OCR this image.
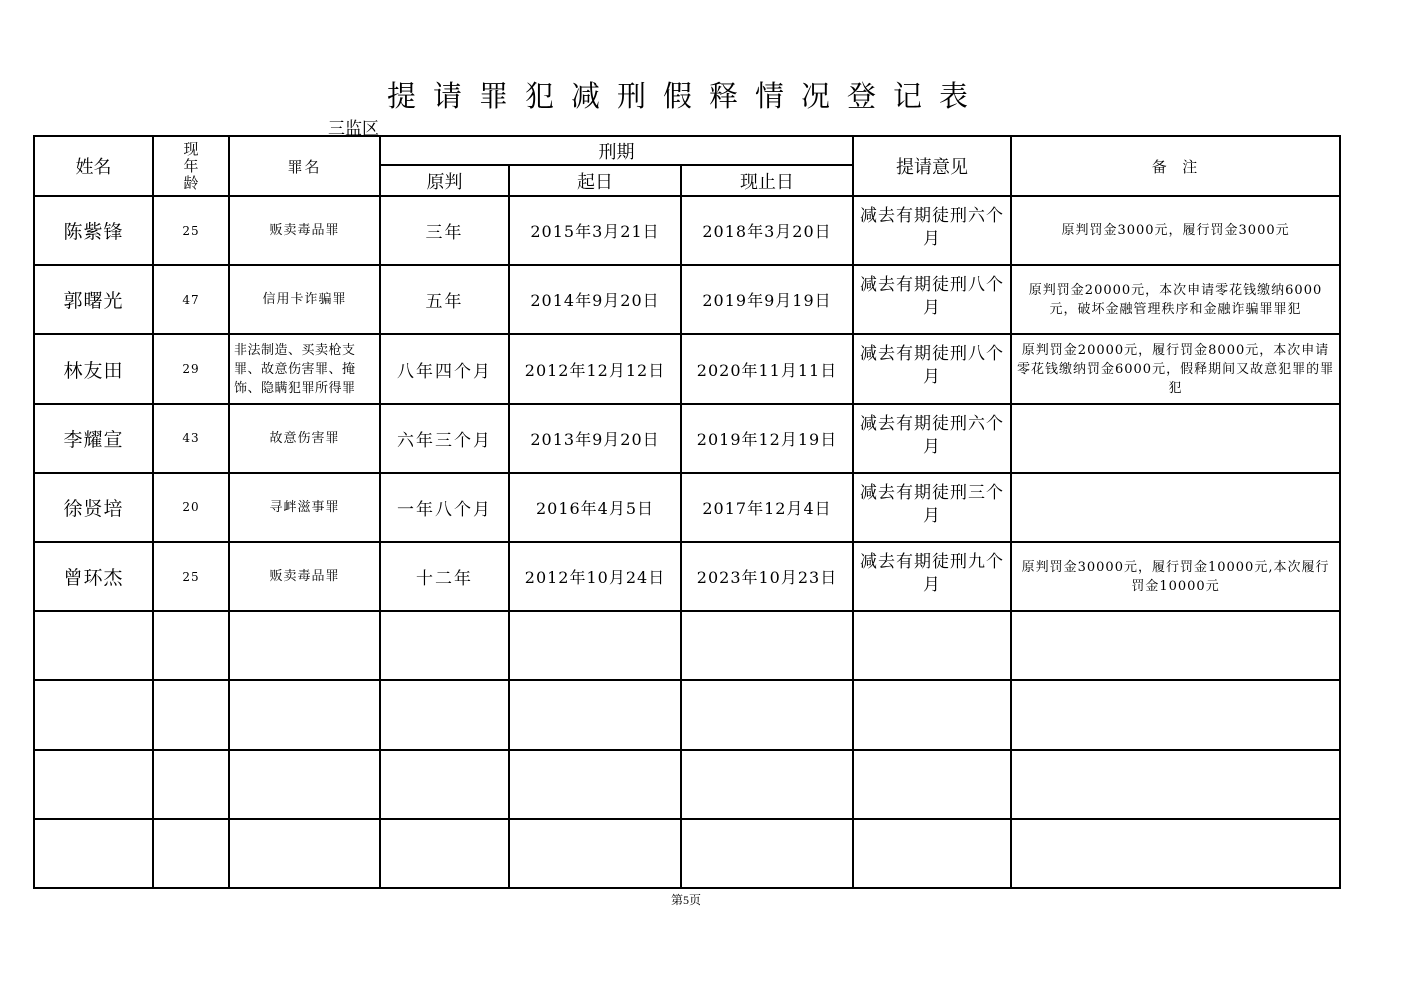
提请罪犯减刑假释情况登记表
三监区
姓名	现
年
龄	罪名	刑期			提请意见	备  注
			原判	起日	现止日		
陈紫锋	25	贩卖毒品罪	三年	2015年3月21日	2018年3月20日	减去有期徒刑六个月	原判罚金3000元，履行罚金3000元
郭曙光	47	信用卡诈骗罪	五年	2014年9月20日	2019年9月19日	减去有期徒刑八个月	原判罚金20000元，本次申请零花钱缴纳6000元，破坏金融管理秩序和金融诈骗罪罪犯
林友田	29	非法制造、买卖枪支罪、故意伤害罪、掩饰、隐瞒犯罪所得罪	八年四个月	2012年12月12日	2020年11月11日	减去有期徒刑八个月	原判罚金20000元，履行罚金8000元，本次申请零花钱缴纳罚金6000元，假释期间又故意犯罪的罪犯
李耀宣	43	故意伤害罪	六年三个月	2013年9月20日	2019年12月19日	减去有期徒刑六个月	
徐贤培	20	寻衅滋事罪	一年八个月	2016年4月5日	2017年12月4日	减去有期徒刑三个月	
曾环杰	25	贩卖毒品罪	十二年	2012年10月24日	2023年10月23日	减去有期徒刑九个月	原判罚金30000元，履行罚金10000元,本次履行罚金10000元

第5页
